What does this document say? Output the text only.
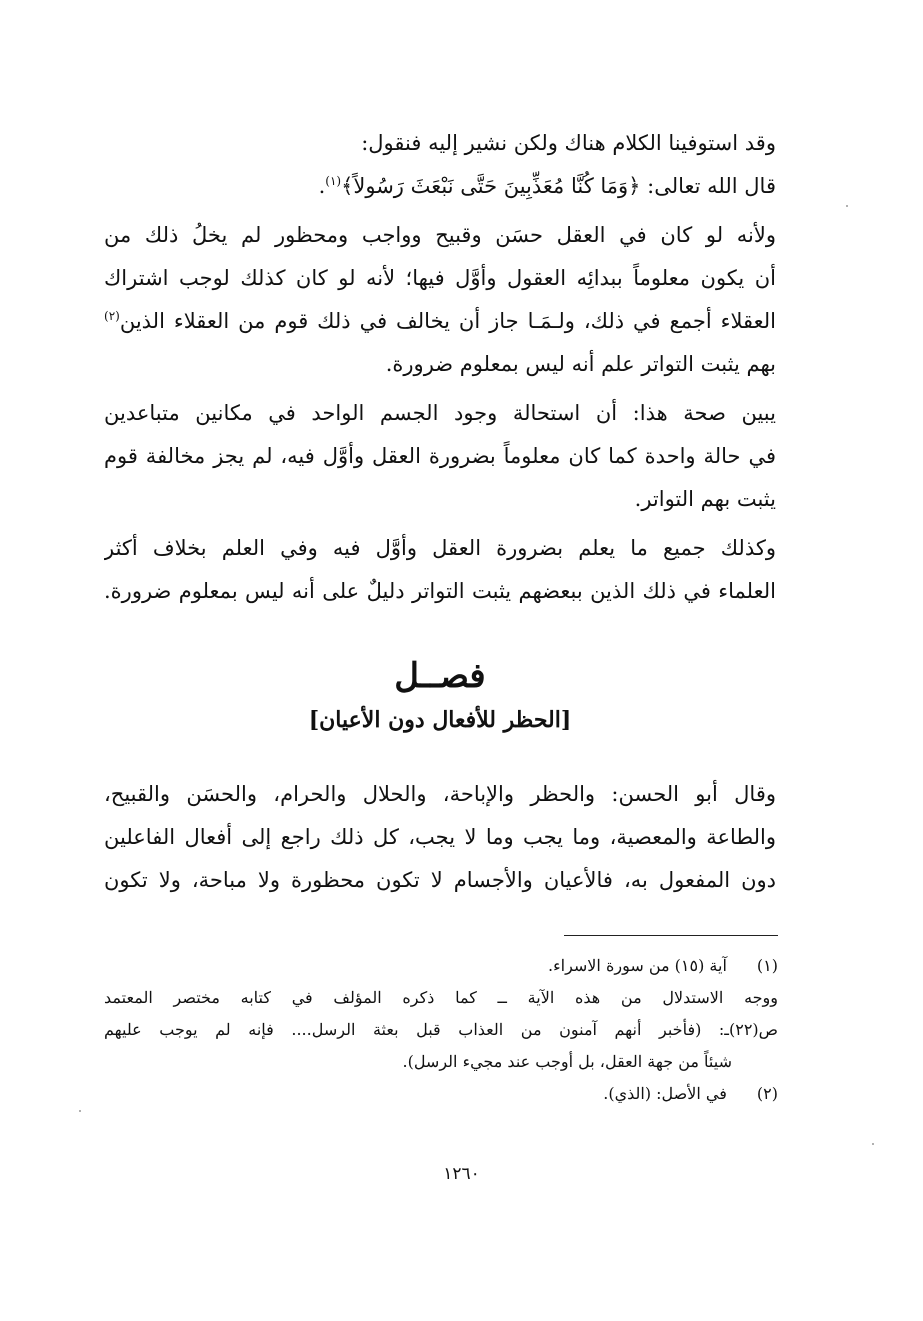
وقد استوفينا الكلام هناك ولكن نشير إليه فنقول:
قال الله تعالى: ﴿وَمَا كُنَّا مُعَذِّبِينَ حَتَّى نَبْعَثَ رَسُولاً﴾$^{(١)}$.
ولأنه لو كان في العقل حسَن وقبيح وواجب ومحظور لم يخلُ ذلك من
أن يكون معلوماً ببدائِه العقول وأوَّل فيها؛ لأنه لو كان كذلك لوجب اشتراك
العقلاء أجمع في ذلك، ولـمَـا جاز أن يخالف في ذلك قوم من العقلاء الذين$^{(٢)}$
بهم يثبت التواتر علم أنه ليس بمعلوم ضرورة.
يبين صحة هذا: أن استحالة وجود الجسم الواحد في مكانين متباعدين
في حالة واحدة كما كان معلوماً بضرورة العقل وأوَّل فيه، لم يجز مخالفة قوم
يثبت بهم التواتر.
وكذلك جميع ما يعلم بضرورة العقل وأوَّل فيه وفي العلم بخلاف أكثر
العلماء في ذلك الذين ببعضهم يثبت التواتر دليلٌ على أنه ليس بمعلوم ضرورة.
فصــل
[الحظر للأفعال دون الأعيان]
وقال أبو الحسن: والحظر والإباحة، والحلال والحرام، والحسَن والقبيح،
والطاعة والمعصية، وما يجب وما لا يجب، كل ذلك راجع إلى أفعال الفاعلين
دون المفعول به، فالأعيان والأجسام لا تكون محظورة ولا مباحة، ولا تكون
(١) آية (١٥) من سورة الاسراء.
ووجه الاستدلال من هذه الآية ــ كما ذكره المؤلف في كتابه مختصر المعتمد
ص(٢٢)ـ: (فأخبر أنهم آمنون من العذاب قبل بعثة الرسل.... فإنه لم يوجب عليهم
شيئاً من جهة العقل، بل أوجب عند مجيء الرسل).
(٢) في الأصل: (الذي).
١٢٦٠
